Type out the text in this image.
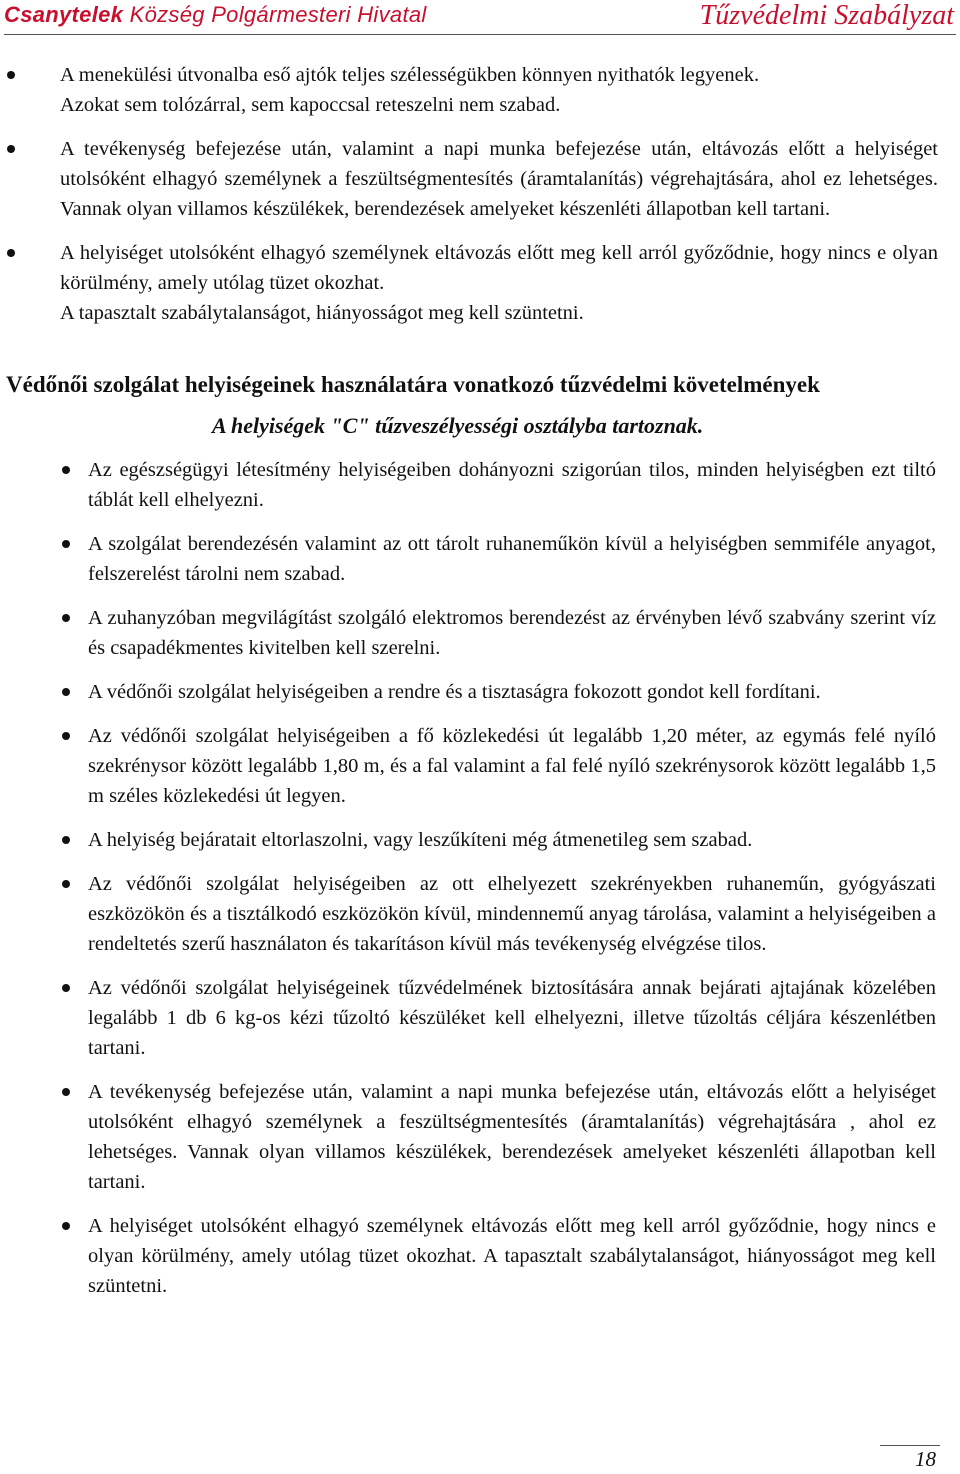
Csanytelek Község Polgármesteri Hivatal	Tűzvédelmi Szabályzat
A menekülési útvonalba eső ajtók teljes szélességükben könnyen nyithatók legyenek.
Azokat sem tolózárral, sem kapoccsal reteszelni nem szabad.
A tevékenység befejezése után, valamint a napi munka befejezése után, eltávozás előtt a helyiséget utolsóként elhagyó személynek a feszültségmentesítés (áramtalanítás) végrehajtására, ahol ez lehetséges. Vannak olyan villamos készülékek, berendezések amelyeket készenléti állapotban kell tartani.
A helyiséget utolsóként elhagyó személynek eltávozás előtt meg kell arról győződnie, hogy nincs e olyan körülmény, amely utólag tüzet okozhat.
A tapasztalt szabálytalanságot, hiányosságot meg kell szüntetni.
Védőnői szolgálat helyiségeinek használatára vonatkozó tűzvédelmi követelmények
A helyiségek "C" tűzveszélyességi osztályba tartoznak.
Az egészségügyi létesítmény helyiségeiben dohányozni szigorúan tilos, minden helyiségben ezt tiltó táblát kell elhelyezni.
A szolgálat berendezésén valamint az ott tárolt ruhaneműkön kívül a helyiségben semmiféle anyagot, felszerelést tárolni nem szabad.
A zuhanyzóban megvilágítást szolgáló elektromos berendezést az érvényben lévő szabvány szerint víz és csapadékmentes kivitelben kell szerelni.
A védőnői szolgálat helyiségeiben a rendre és a tisztaságra fokozott gondot kell fordítani.
Az védőnői szolgálat helyiségeiben a fő közlekedési út legalább 1,20 méter, az egymás felé nyíló szekrénysor között legalább 1,80 m, és a fal valamint a fal felé nyíló szekrénysorok között legalább 1,5 m széles közlekedési út legyen.
A helyiség bejáratait eltorlaszolni, vagy leszűkíteni még átmenetileg sem szabad.
Az védőnői szolgálat helyiségeiben az ott elhelyezett szekrényekben ruhaneműn, gyógyászati eszközökön és a tisztálkodó eszközökön kívül, mindennemű anyag tárolása, valamint a helyiségeiben a rendeltetés szerű használaton és takarításon kívül más tevékenység elvégzése tilos.
Az védőnői szolgálat helyiségeinek tűzvédelmének biztosítására annak bejárati ajtajának közelében legalább 1 db 6 kg-os kézi tűzoltó készüléket kell elhelyezni, illetve tűzoltás céljára készenlétben tartani.
A tevékenység befejezése után, valamint a napi munka befejezése után, eltávozás előtt a helyiséget utolsóként elhagyó személynek a feszültségmentesítés (áramtalanítás) végrehajtására , ahol ez lehetséges. Vannak olyan villamos készülékek, berendezések amelyeket készenléti állapotban kell tartani.
A helyiséget utolsóként elhagyó személynek eltávozás előtt meg kell arról győződnie, hogy nincs e olyan körülmény, amely utólag tüzet okozhat. A tapasztalt szabálytalanságot, hiányosságot meg kell szüntetni.
18
